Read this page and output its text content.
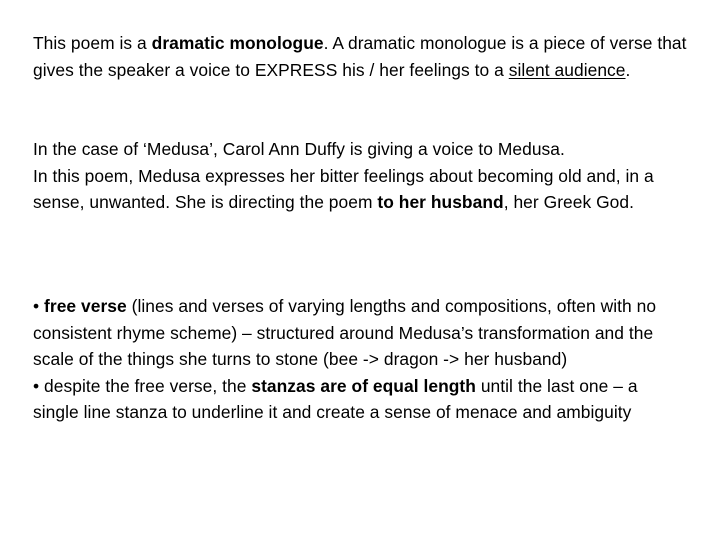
This poem is a dramatic monologue. A dramatic monologue is a piece of verse that gives the speaker a voice to EXPRESS his / her feelings to a silent audience.

In the case of ‘Medusa’, Carol Ann Duffy is giving a voice to Medusa.
In this poem, Medusa expresses her bitter feelings about becoming old and, in a sense, unwanted. She is directing the poem to her husband, her Greek God.

• free verse (lines and verses of varying lengths and compositions, often with no consistent rhyme scheme) – structured around Medusa’s transformation and the scale of the things she turns to stone (bee -> dragon -> her husband)
• despite the free verse, the stanzas are of equal length until the last one – a single line stanza to underline it and create a sense of menace and ambiguity
